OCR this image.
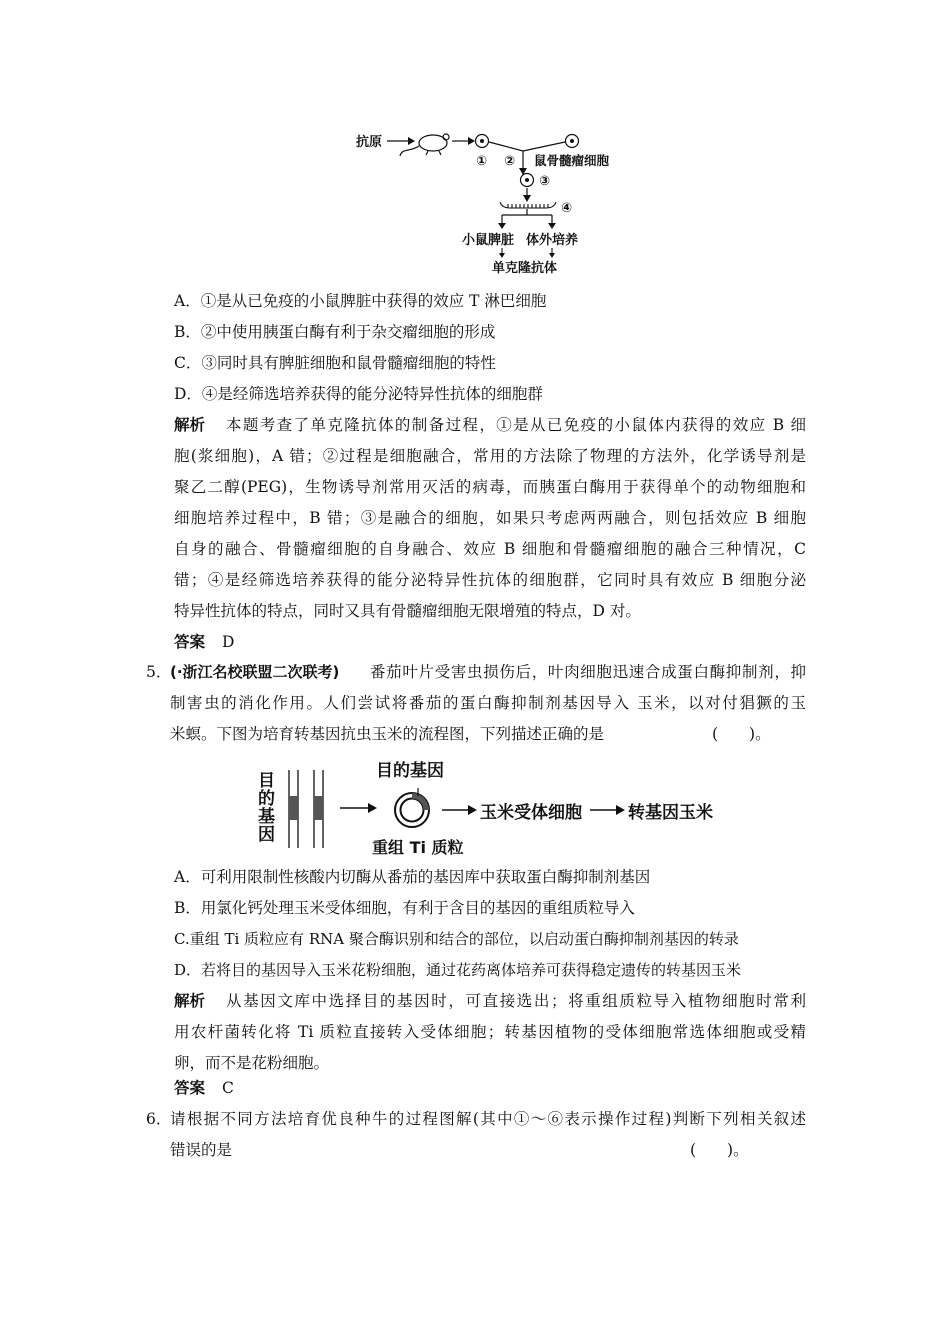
抗原
① ② 鼠骨髓瘤细胞
③
④
小鼠脾脏 体外培养
单克隆抗体
A．①是从已免疫的小鼠脾脏中获得的效应 T 淋巴细胞
B．②中使用胰蛋白酶有利于杂交瘤细胞的形成
C．③同时具有脾脏细胞和鼠骨髓瘤细胞的特性
D．④是经筛选培养获得的能分泌特异性抗体的细胞群
解析 本题考查了单克隆抗体的制备过程，①是从已免疫的小鼠体内获得的效应 B 细
胞(浆细胞)，A 错；②过程是细胞融合，常用的方法除了物理的方法外，化学诱导剂是
聚乙二醇(PEG)，生物诱导剂常用灭活的病毒，而胰蛋白酶用于获得单个的动物细胞和
细胞培养过程中，B 错；③是融合的细胞，如果只考虑两两融合，则包括效应 B 细胞
自身的融合、骨髓瘤细胞的自身融合、效应 B 细胞和骨髓瘤细胞的融合三种情况，C
错；④是经筛选培养获得的能分泌特异性抗体的细胞群，它同时具有效应 B 细胞分泌
特异性抗体的特点，同时又具有骨髓瘤细胞无限增殖的特点，D 对。
答案 D
5．
(·浙江名校联盟二次联考) 番茄叶片受害虫损伤后，叶肉细胞迅速合成蛋白酶抑制剂，抑
制害虫的消化作用。人们尝试将番茄的蛋白酶抑制剂基因导入 玉米，以对付猖獗的玉
米螟。下图为培育转基因抗虫玉米的流程图，下列描述正确的是	(　　)。
目
的
基
因
目的基因
重组 Ti 质粒
玉米受体细胞	转基因玉米
A．可利用限制性核酸内切酶从番茄的基因库中获取蛋白酶抑制剂基因
B．用氯化钙处理玉米受体细胞，有利于含目的基因的重组质粒导入
C.重组 Ti 质粒应有 RNA 聚合酶识别和结合的部位，以启动蛋白酶抑制剂基因的转录
D．若将目的基因导入玉米花粉细胞，通过花药离体培养可获得稳定遗传的转基因玉米
解析 从基因文库中选择目的基因时，可直接选出；将重组质粒导入植物细胞时常利
用农杆菌转化将 Ti 质粒直接转入受体细胞；转基因植物的受体细胞常选体细胞或受精
卵，而不是花粉细胞。
答案 C
6．
请根据不同方法培育优良种牛的过程图解(其中①～⑥表示操作过程)判断下列相关叙述
错误的是	(　　)。
